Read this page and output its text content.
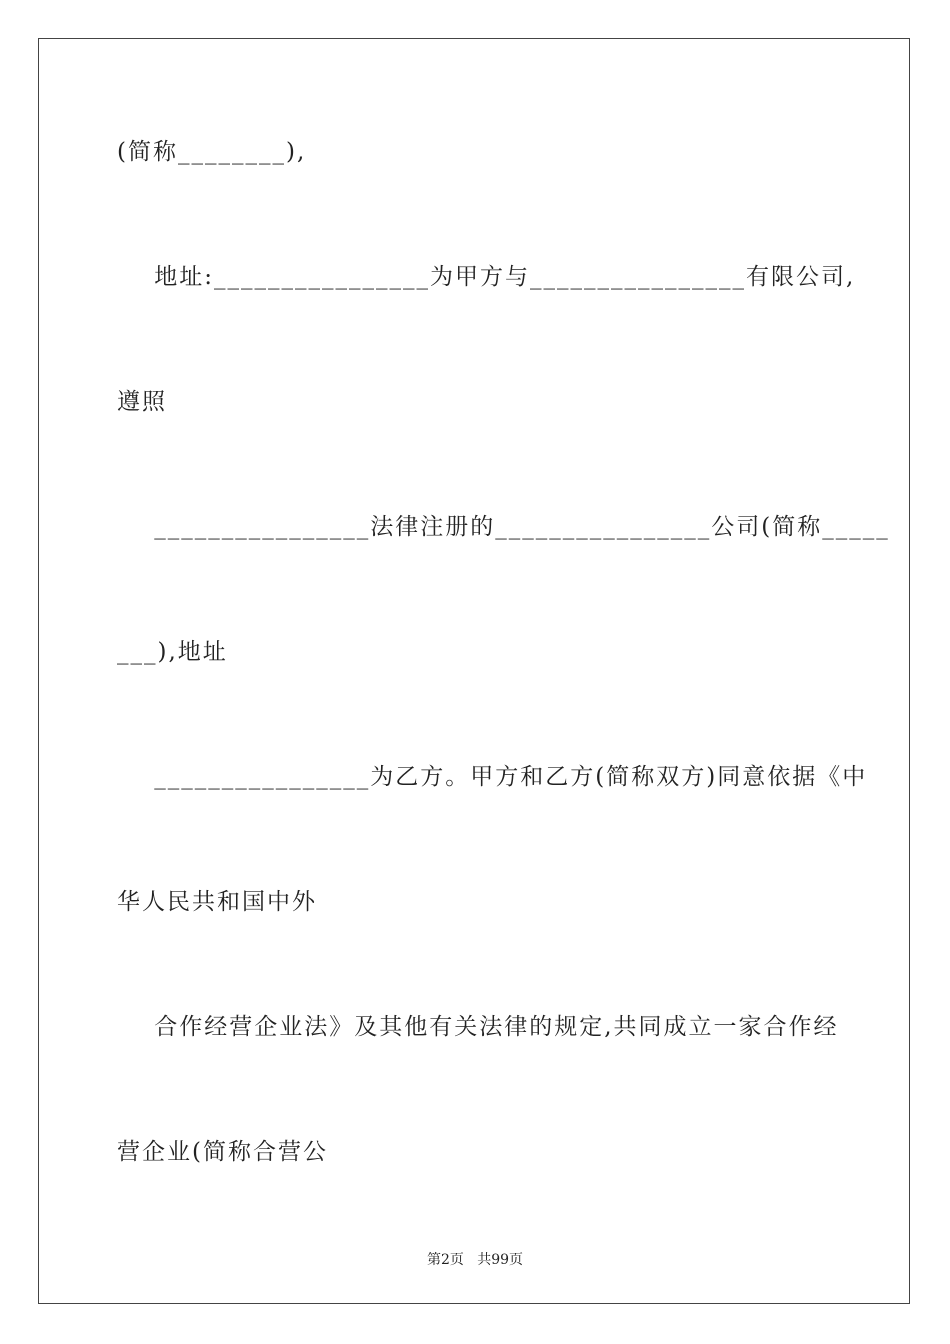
(简称________),
地址:________________为甲方与________________有限公司,
遵照
________________法律注册的________________公司(简称_____
___),地址
________________为乙方。甲方和乙方(简称双方)同意依据《中
华人民共和国中外
合作经营企业法》及其他有关法律的规定,共同成立一家合作经
营企业(简称合营公
第2页   共99页
